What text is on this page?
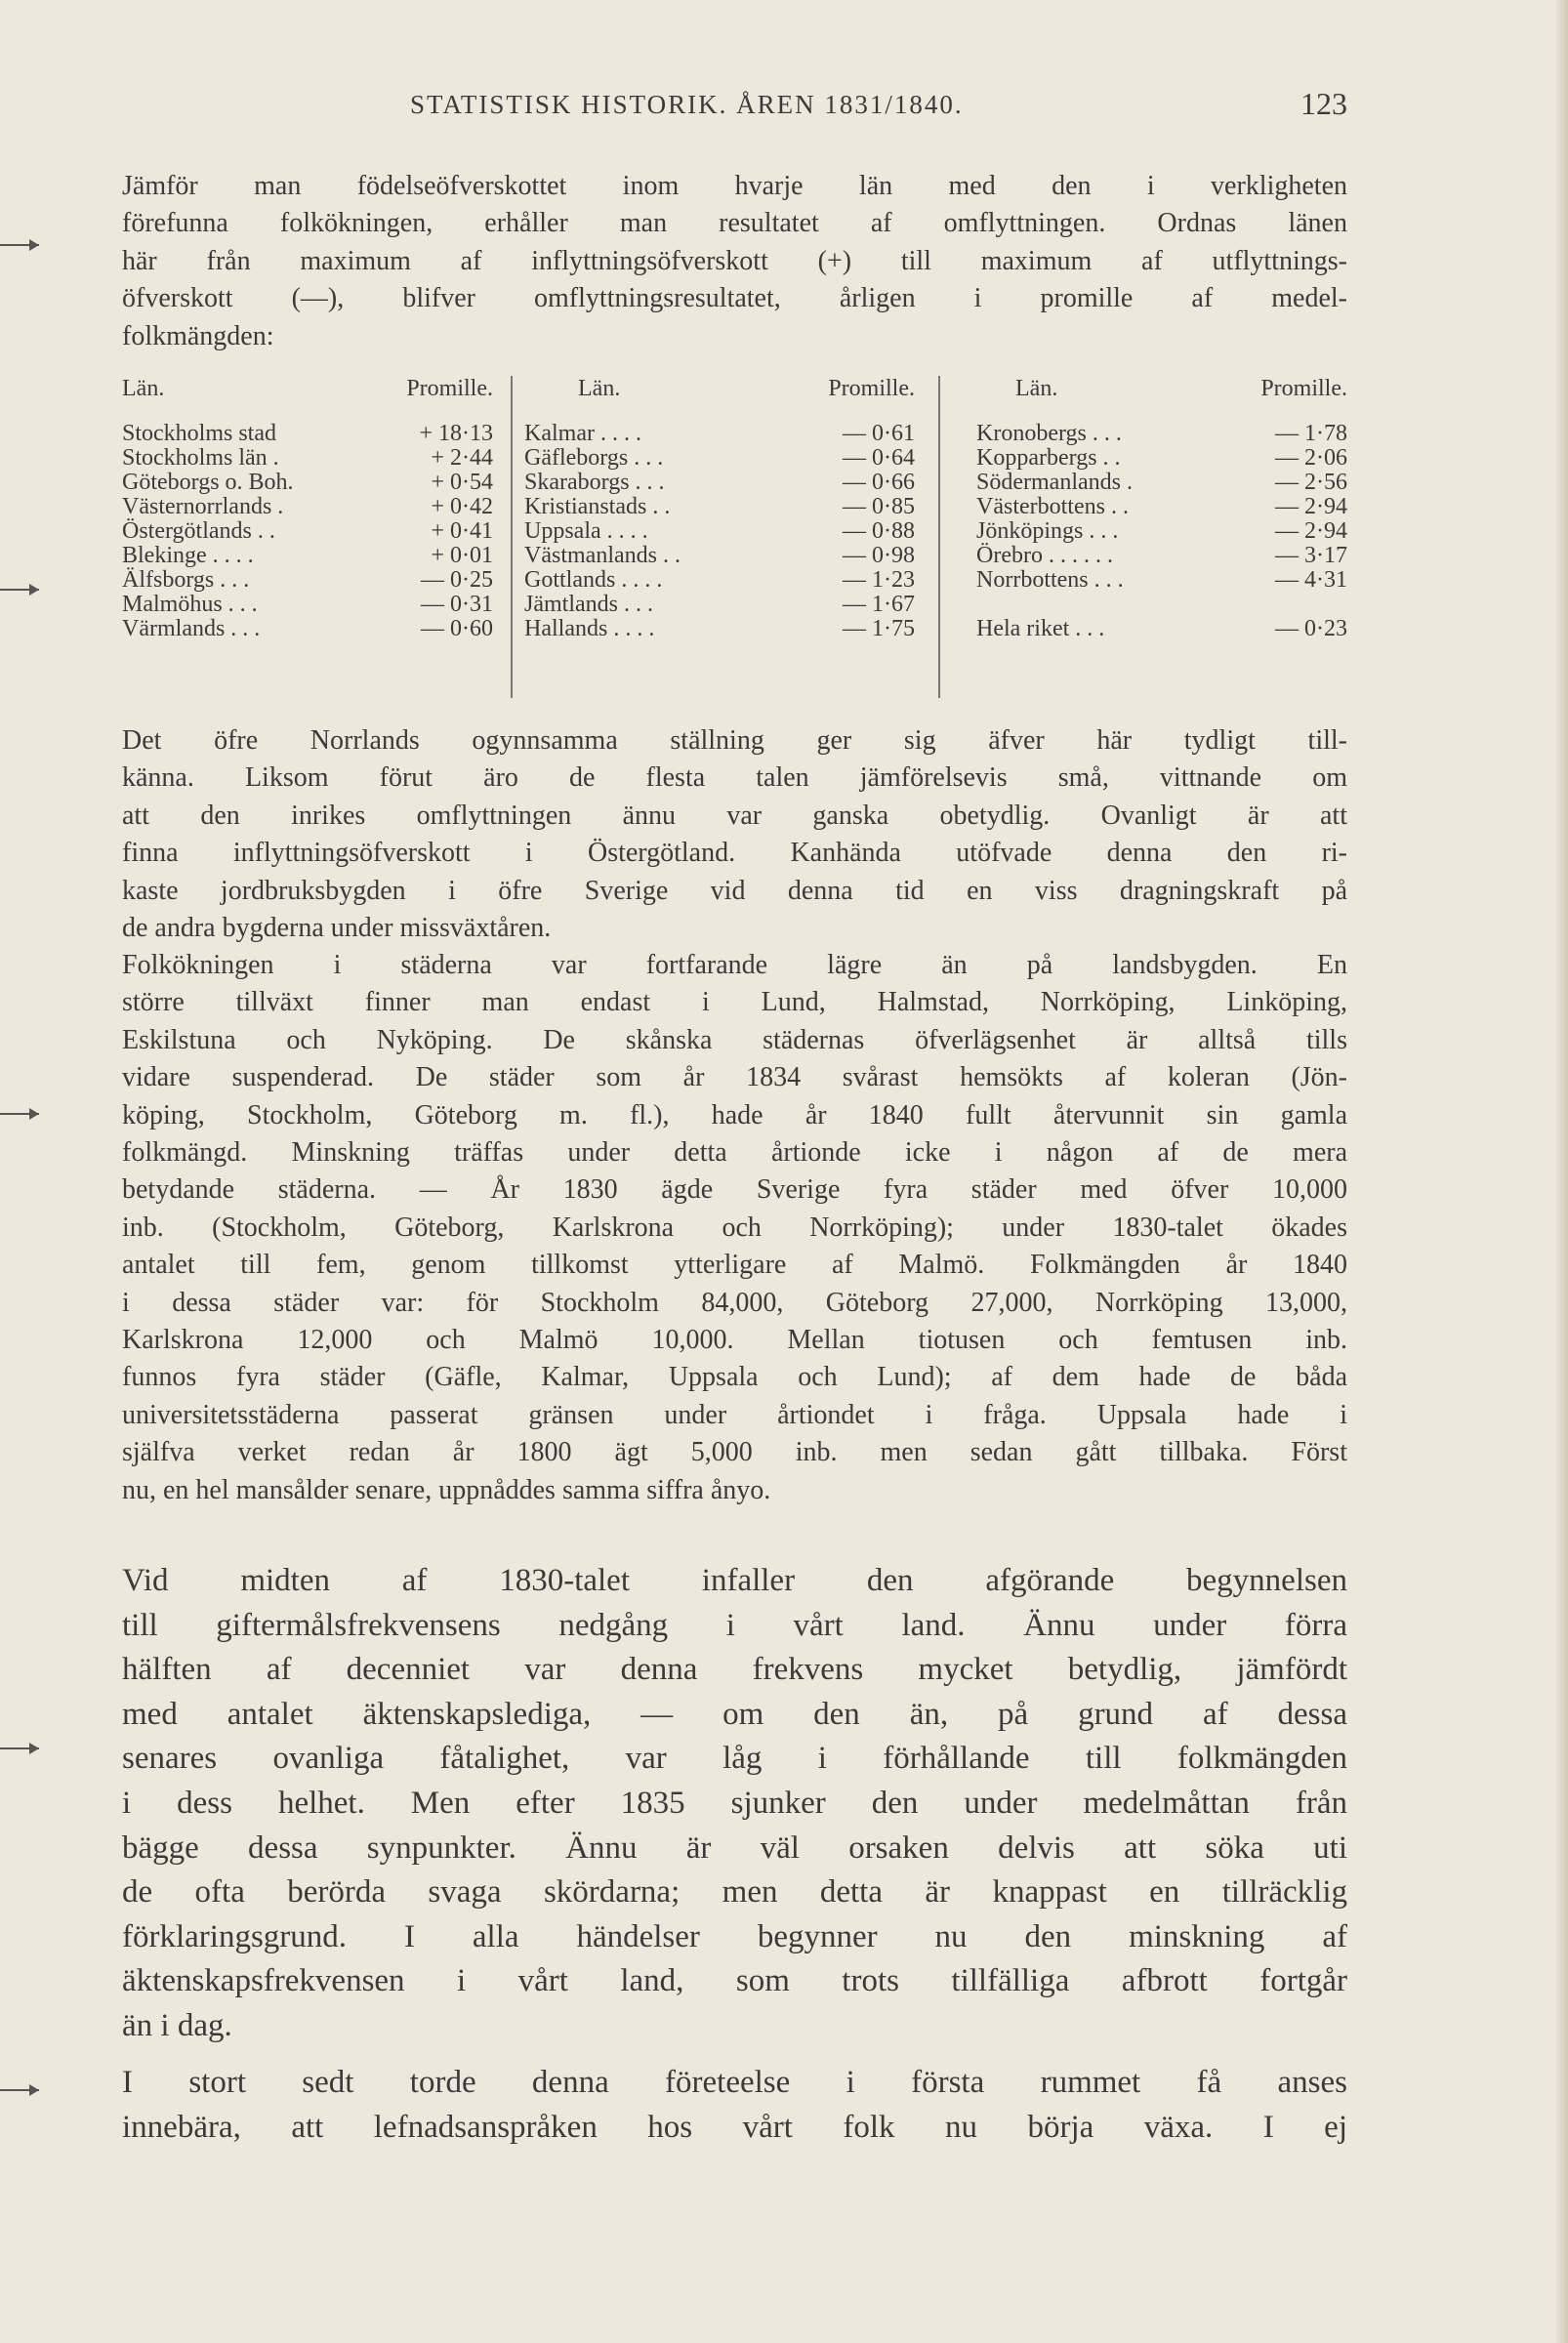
STATISTISK HISTORIK. ÅREN 1831/1840.	123

Jämför man födelseöfverskottet inom hvarje län med den i verkligheten
förefunna folkökningen, erhåller man resultatet af omflyttningen. Ordnas länen
här från maximum af inflyttningsöfverskott (+) till maximum af utflyttnings-
öfverskott (—), blifver omflyttningsresultatet, årligen i promille af medel-
folkmängden:

Län.	Promille.
Stockholms stad	+ 18·13
Stockholms län .	+ 2·44
Göteborgs o. Boh.	+ 0·54
Västernorrlands .	+ 0·42
Östergötlands . .	+ 0·41
Blekinge . . . .	+ 0·01
Älfsborgs . . .	— 0·25
Malmöhus . . .	— 0·31
Värmlands . . .	— 0·60
Län.	Promille.
Kalmar . . . .	— 0·61
Gäfleborgs . . .	— 0·64
Skaraborgs . . .	— 0·66
Kristianstads . .	— 0·85
Uppsala . . . .	— 0·88
Västmanlands . .	— 0·98
Gottlands . . . .	— 1·23
Jämtlands . . .	— 1·67
Hallands . . . .	— 1·75
Län.	Promille.
Kronobergs . . .	— 1·78
Kopparbergs . .	— 2·06
Södermanlands .	— 2·56
Västerbottens . .	— 2·94
Jönköpings . . .	— 2·94
Örebro . . . . . .	— 3·17
Norrbottens . . .	— 4·31
Hela riket . . .	— 0·23

Det öfre Norrlands ogynnsamma ställning ger sig äfver här tydligt till-
känna. Liksom förut äro de flesta talen jämförelsevis små, vittnande om
att den inrikes omflyttningen ännu var ganska obetydlig. Ovanligt är att
finna inflyttningsöfverskott i Östergötland. Kanhända utöfvade denna den ri-
kaste jordbruksbygden i öfre Sverige vid denna tid en viss dragningskraft på
de andra bygderna under missväxtåren.

Folkökningen i städerna var fortfarande lägre än på landsbygden. En
större tillväxt finner man endast i Lund, Halmstad, Norrköping, Linköping,
Eskilstuna och Nyköping. De skånska städernas öfverlägsenhet är alltså tills
vidare suspenderad. De städer som år 1834 svårast hemsökts af koleran (Jön-
köping, Stockholm, Göteborg m. fl.), hade år 1840 fullt återvunnit sin gamla
folkmängd. Minskning träffas under detta årtionde icke i någon af de mera
betydande städerna. — År 1830 ägde Sverige fyra städer med öfver 10,000
inb. (Stockholm, Göteborg, Karlskrona och Norrköping); under 1830-talet ökades
antalet till fem, genom tillkomst ytterligare af Malmö. Folkmängden år 1840
i dessa städer var: för Stockholm 84,000, Göteborg 27,000, Norrköping 13,000,
Karlskrona 12,000 och Malmö 10,000. Mellan tiotusen och femtusen inb.
funnos fyra städer (Gäfle, Kalmar, Uppsala och Lund); af dem hade de båda
universitetsstäderna passerat gränsen under årtiondet i fråga. Uppsala hade i
själfva verket redan år 1800 ägt 5,000 inb. men sedan gått tillbaka. Först
nu, en hel mansålder senare, uppnåddes samma siffra ånyo.

Vid midten af 1830-talet infaller den afgörande begynnelsen
till giftermålsfrekvensens nedgång i vårt land. Ännu under förra
hälften af decenniet var denna frekvens mycket betydlig, jämfördt
med antalet äktenskapslediga, — om den än, på grund af dessa
senares ovanliga fåtalighet, var låg i förhållande till folkmängden
i dess helhet. Men efter 1835 sjunker den under medelmåttan från
bägge dessa synpunkter. Ännu är väl orsaken delvis att söka uti
de ofta berörda svaga skördarna; men detta är knappast en tillräcklig
förklaringsgrund. I alla händelser begynner nu den minskning af
äktenskapsfrekvensen i vårt land, som trots tillfälliga afbrott fortgår
än i dag.

I stort sedt torde denna företeelse i första rummet få anses
innebära, att lefnadsanspråken hos vårt folk nu börja växa. I ej
